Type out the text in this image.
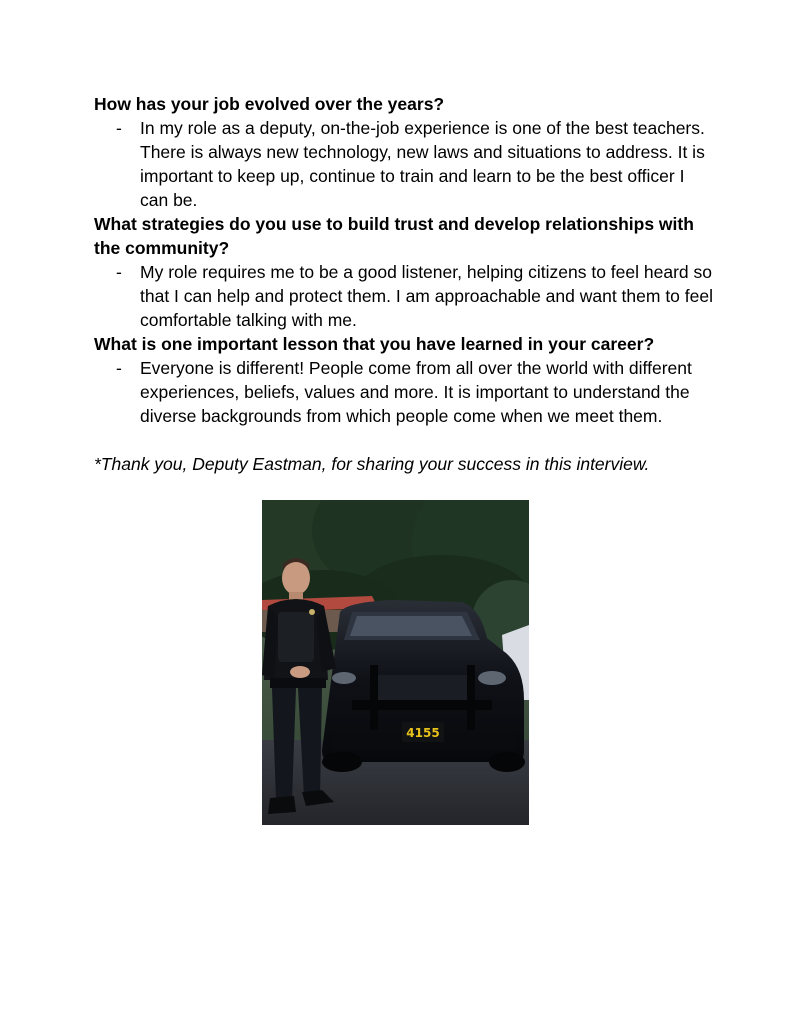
How has your job evolved over the years?

- In my role as a deputy, on-the-job experience is one of the best teachers. There is always new technology, new laws and situations to address. It is important to keep up, continue to train and learn to be the best officer I can be.

What strategies do you use to build trust and develop relationships with the community?

- My role requires me to be a good listener, helping citizens to feel heard so that I can help and protect them. I am approachable and want them to feel comfortable talking with me.

What is one important lesson that you have learned in your career?

- Everyone is different! People come from all over the world with different experiences, beliefs, values and more. It is important to understand the diverse backgrounds from which people come when we meet them.

*Thank you, Deputy Eastman, for sharing your success in this interview.

4155
